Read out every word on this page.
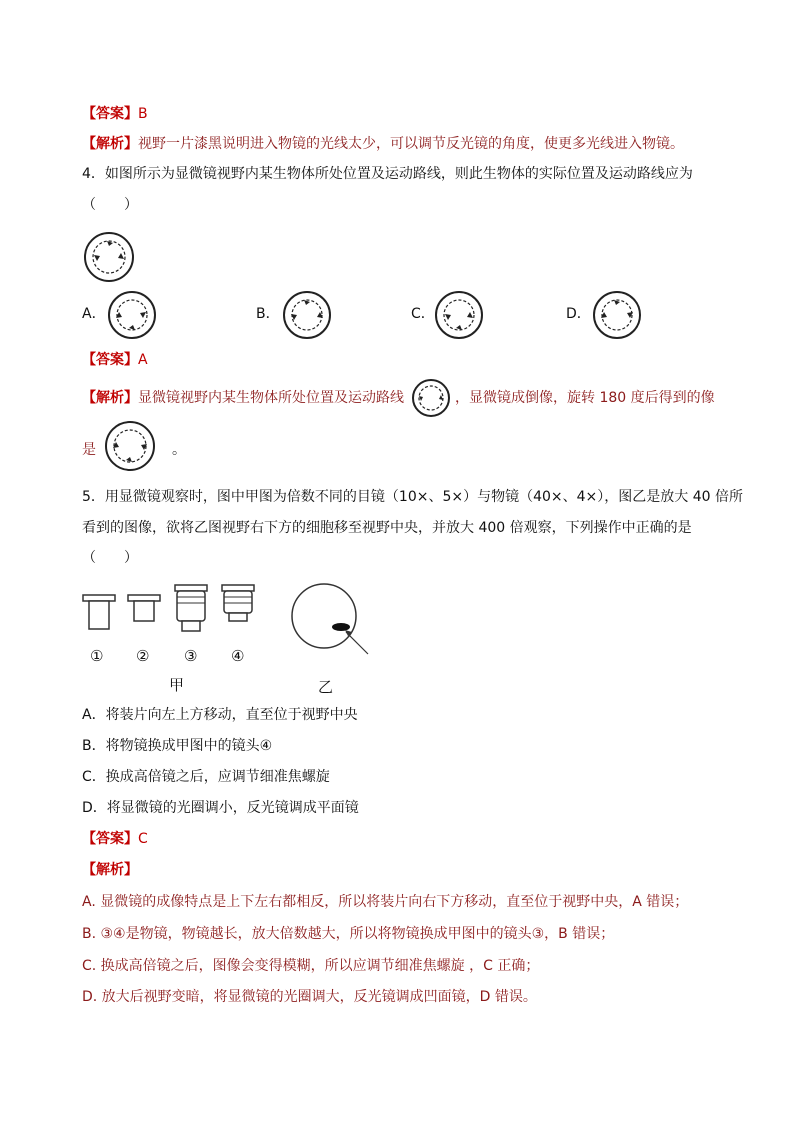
【答案】B
【解析】视野一片漆黑说明进入物镜的光线太少，可以调节反光镜的角度，使更多光线进入物镜。
4．如图所示为显微镜视野内某生物体所处位置及运动路线，则此生物体的实际位置及运动路线应为
（　　）
A．	B．	C．	D．
【答案】A
【解析】显微镜视野内某生物体所处位置及运动路线	，显微镜成倒像，旋转 180 度后得到的像
是	。
5．用显微镜观察时，图中甲图为倍数不同的目镜（10×、5×）与物镜（40×、4×），图乙是放大 40 倍所
看到的图像，欲将乙图视野右下方的细胞移至视野中央，并放大 400 倍观察，下列操作中正确的是
（　　）
① ② ③ ④
甲	乙
A．将装片向左上方移动，直至位于视野中央
B．将物镜换成甲图中的镜头④
C．换成高倍镜之后，应调节细准焦螺旋
D．将显微镜的光圈调小，反光镜调成平面镜
【答案】C
【解析】
A. 显微镜的成像特点是上下左右都相反，所以将装片向右下方移动，直至位于视野中央，A 错误；
B. ③④是物镜，物镜越长，放大倍数越大，所以将物镜换成甲图中的镜头③，B 错误；
C. 换成高倍镜之后，图像会变得模糊，所以应调节细准焦螺旋 ，C 正确；
D. 放大后视野变暗，将显微镜的光圈调大，反光镜调成凹面镜，D 错误。
